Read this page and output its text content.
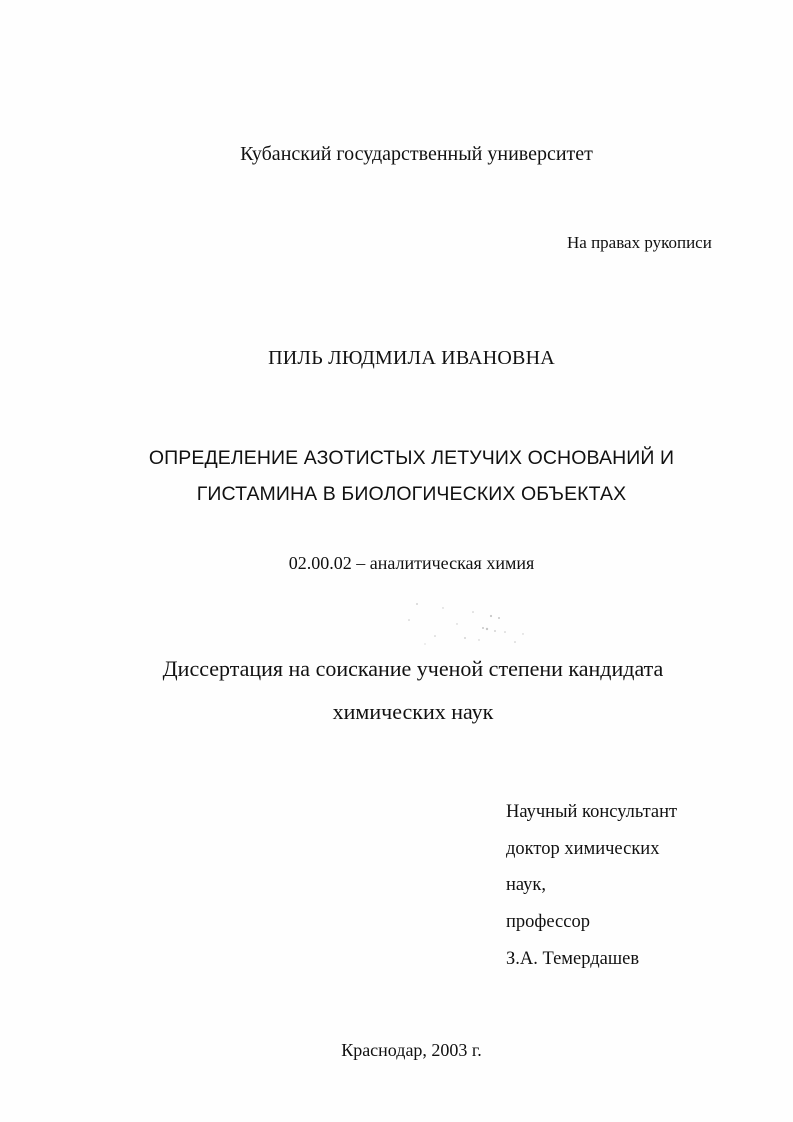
Кубанский государственный университет
На правах рукописи
ПИЛЬ ЛЮДМИЛА ИВАНОВНА
ОПРЕДЕЛЕНИЕ АЗОТИСТЫХ ЛЕТУЧИХ ОСНОВАНИЙ И
ГИСТАМИНА В БИОЛОГИЧЕСКИХ ОБЪЕКТАХ
02.00.02 – аналитическая химия
Диссертация на соискание ученой степени кандидата
химических наук
Научный консультант
доктор химических
наук,
профессор
З.А. Темердашев
Краснодар, 2003 г.
